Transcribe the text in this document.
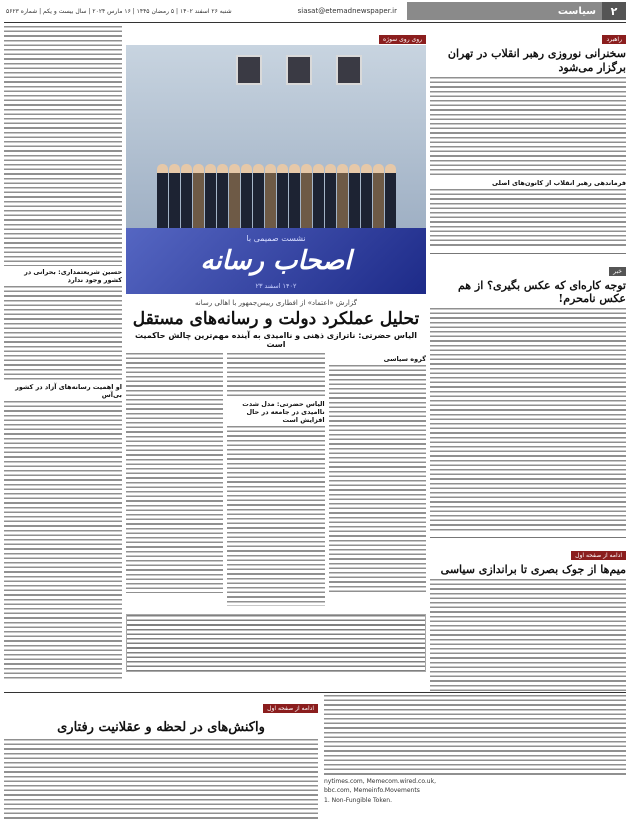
۲
سیاست
siasat@etemadnewspaper.ir
شنبه ۲۶ اسفند ۱۴۰۲ | ۵ رمضان ۱۴۴۵ | ۱۶ مارس ۲۰۲۴ | سال بیست و یکم | شماره ۵۶۲۳
راهبرد
سخنرانی نوروزی رهبر انقلاب در تهران برگزار می‌شود
فرماندهی رهبر انقلاب از کانون‌های اصلی
خبر
توجه کاره‌ای که عکس بگیری؟ از هم عکس نامحرم!
ادامه از صفحه اول
میم‌ها از جوک بصری تا براندازی سیاسی
روی روی سوژه
نشست صمیمی با
اصحاب رسانه
۱۴۰۲ اسفند ۲۳
گزارش «اعتماد» از افطاری رییس‌جمهور با اهالی رسانه
تحلیل عملکرد دولت و رسانه‌های مستقل
الیاس حضرتی: نا‌ترازی ذهنی و ناامیدی به آینده مهم‌ترین چالش حاکمیت است
گروه سیاسی
الیاس حضرتی: مدل شدت ناامیدی در جامعه در حال افزایش است
حسین شریعتمداری: بحرانی در کشور وجود ندارد
او اهمیت رسانه‌های آزاد در کشور بی‌آس
nytimes.com, Memecom.wired.co.uk,
bbc.com, Memeinfo.Movements
1. Non-Fungible Token.
ادامه از صفحه اول
واکنش‌های در لحظه و عقلانیت رفتاری
